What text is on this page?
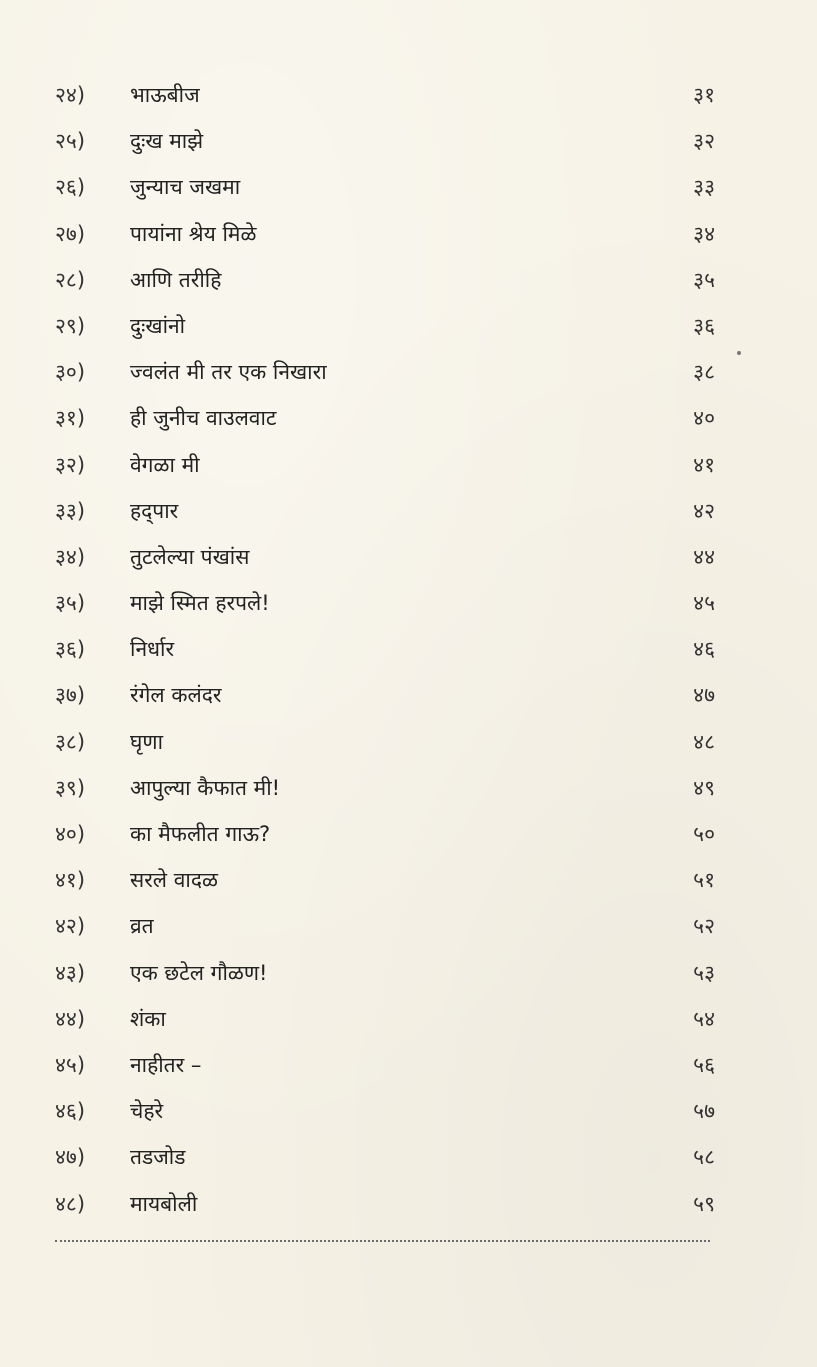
२४)	भाऊबीज	३१
२५)	दुःख माझे	३२
२६)	जुन्याच जखमा	३३
२७)	पायांना श्रेय मिळे	३४
२८)	आणि तरीहि	३५
२९)	दुःखांनो	३६
३०)	ज्वलंत मी तर एक निखारा	३८
३१)	ही जुनीच वाउलवाट	४०
३२)	वेगळा मी	४१
३३)	हद्पार	४२
३४)	तुटलेल्या पंखांस	४४
३५)	माझे स्मित हरपले!	४५
३६)	निर्धार	४६
३७)	रंगेल कलंदर	४७
३८)	घृणा	४८
३९)	आपुल्या कैफात मी!	४९
४०)	का मैफलीत गाऊ?	५०
४१)	सरले वादळ	५१
४२)	व्रत	५२
४३)	एक छटेल गौळण!	५३
४४)	शंका	५४
४५)	नाहीतर –	५६
४६)	चेहरे	५७
४७)	तडजोड	५८
४८)	मायबोली	५९
